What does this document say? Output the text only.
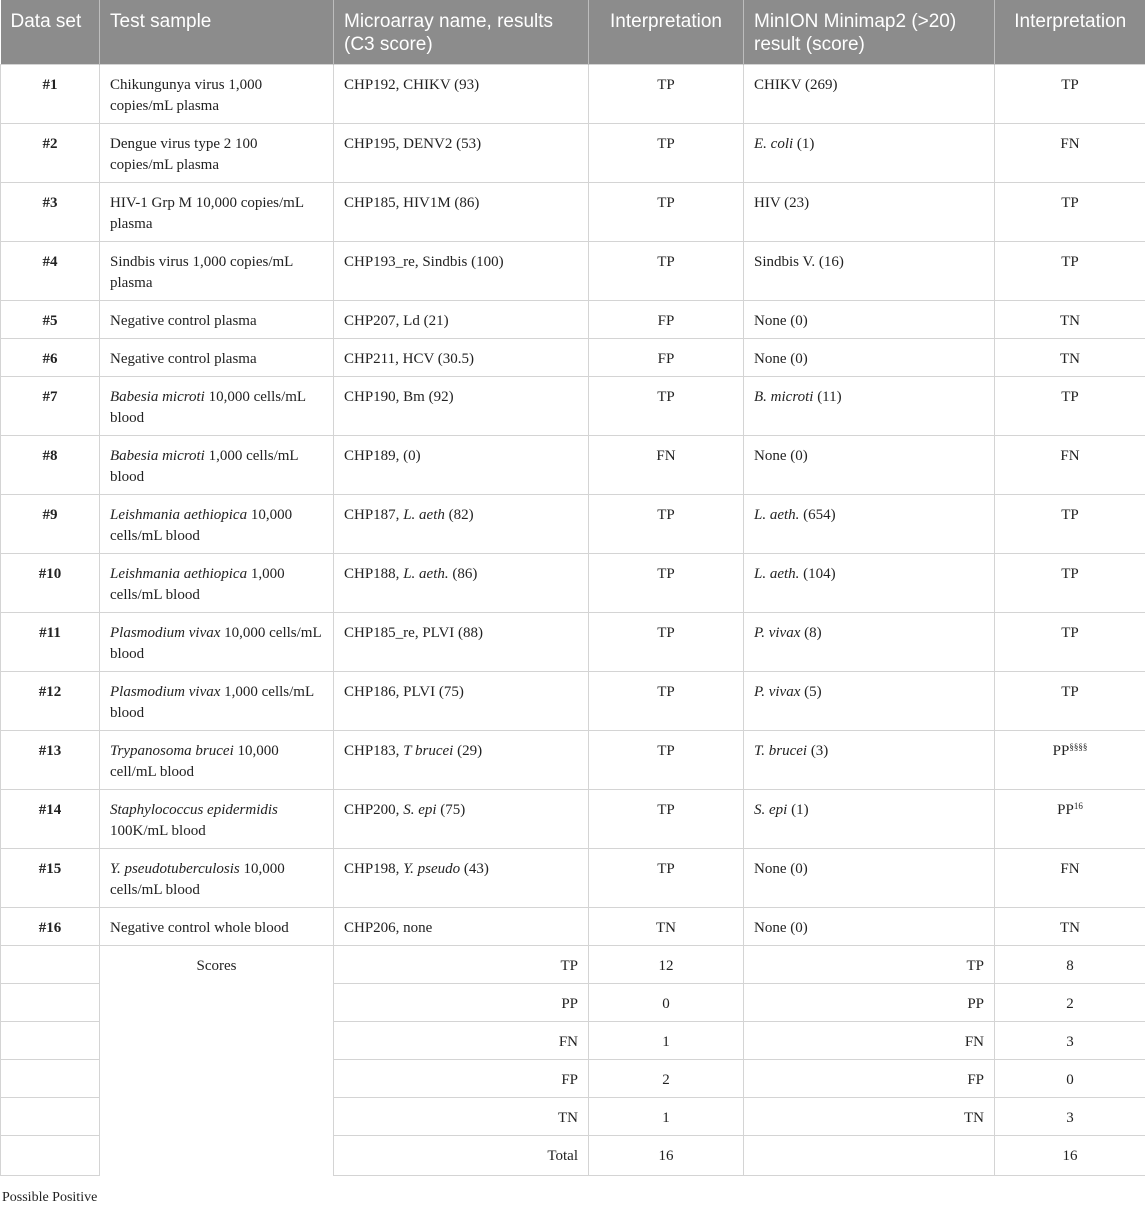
Data set	Test sample	Microarray name, results (C3 score)	Interpretation	MinION Minimap2 (>20) result (score)	Interpretation
#1	Chikungunya virus 1,000 copies/mL plasma	CHP192, CHIKV (93)	TP	CHIKV (269)	TP
#2	Dengue virus type 2 100 copies/mL plasma	CHP195, DENV2 (53)	TP	E. coli (1)	FN
#3	HIV-1 Grp M 10,000 copies/mL plasma	CHP185, HIV1M (86)	TP	HIV (23)	TP
#4	Sindbis virus 1,000 copies/mL plasma	CHP193_re, Sindbis (100)	TP	Sindbis V. (16)	TP
#5	Negative control plasma	CHP207, Ld (21)	FP	None (0)	TN
#6	Negative control plasma	CHP211, HCV (30.5)	FP	None (0)	TN
#7	Babesia microti 10,000 cells/mL blood	CHP190, Bm (92)	TP	B. microti (11)	TP
#8	Babesia microti 1,000 cells/mL blood	CHP189, (0)	FN	None (0)	FN
#9	Leishmania aethiopica 10,000 cells/mL blood	CHP187, L. aeth (82)	TP	L. aeth. (654)	TP
#10	Leishmania aethiopica 1,000 cells/mL blood	CHP188, L. aeth. (86)	TP	L. aeth. (104)	TP
#11	Plasmodium vivax 10,000 cells/mL blood	CHP185_re, PLVI (88)	TP	P. vivax (8)	TP
#12	Plasmodium vivax 1,000 cells/mL blood	CHP186, PLVI (75)	TP	P. vivax (5)	TP
#13	Trypanosoma brucei 10,000 cell/mL blood	CHP183, T brucei (29)	TP	T. brucei (3)	PP§§§§
#14	Staphylococcus epidermidis 100K/mL blood	CHP200, S. epi (75)	TP	S. epi (1)	PP$^{16}$
#15	Y. pseudotuberculosis 10,000 cells/mL blood	CHP198, Y. pseudo (43)	TP	None (0)	FN
#16	Negative control whole blood	CHP206, none	TN	None (0)	TN
	Scores	TP	12	TP	8
		PP	0	PP	2
		FN	1	FN	3
		FP	2	FP	0
		TN	1	TN	3
		Total	16		16
Possible Positive
